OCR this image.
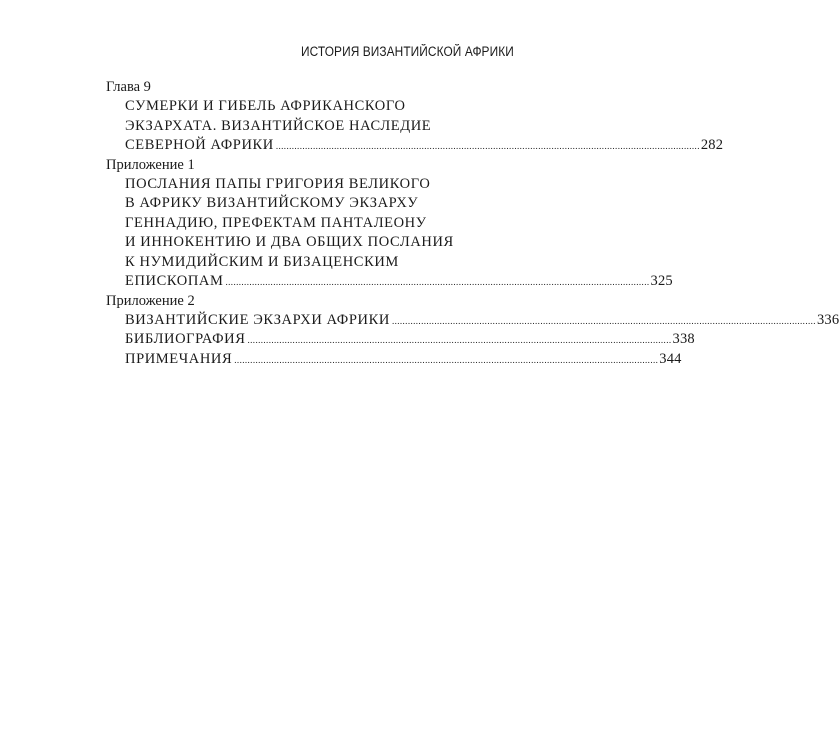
ИСТОРИЯ ВИЗАНТИЙСКОЙ АФРИКИ
Глава 9
СУМЕРКИ И ГИБЕЛЬ АФРИКАНСКОГО
ЭКЗАРХАТА. ВИЗАНТИЙСКОЕ НАСЛЕДИЕ
СЕВЕРНОЙ АФРИКИ ................................................................................................................................................................ 282
Приложение 1
ПОСЛАНИЯ ПАПЫ ГРИГОРИЯ ВЕЛИКОГО
В АФРИКУ ВИЗАНТИЙСКОМУ ЭКЗАРХУ
ГЕННАДИЮ, ПРЕФЕКТАМ ПАНТАЛЕОНУ
И ИННОКЕНТИЮ И ДВА ОБЩИХ ПОСЛАНИЯ
К НУМИДИЙСКИМ И БИЗАЦЕНСКИМ
ЕПИСКОПАМ ................................................................................................................................................................ 325
Приложение 2
ВИЗАНТИЙСКИЕ ЭКЗАРХИ АФРИКИ ................................................................................................................................................................ 336
БИБЛИОГРАФИЯ ................................................................................................................................................................ 338
ПРИМЕЧАНИЯ ................................................................................................................................................................ 344
